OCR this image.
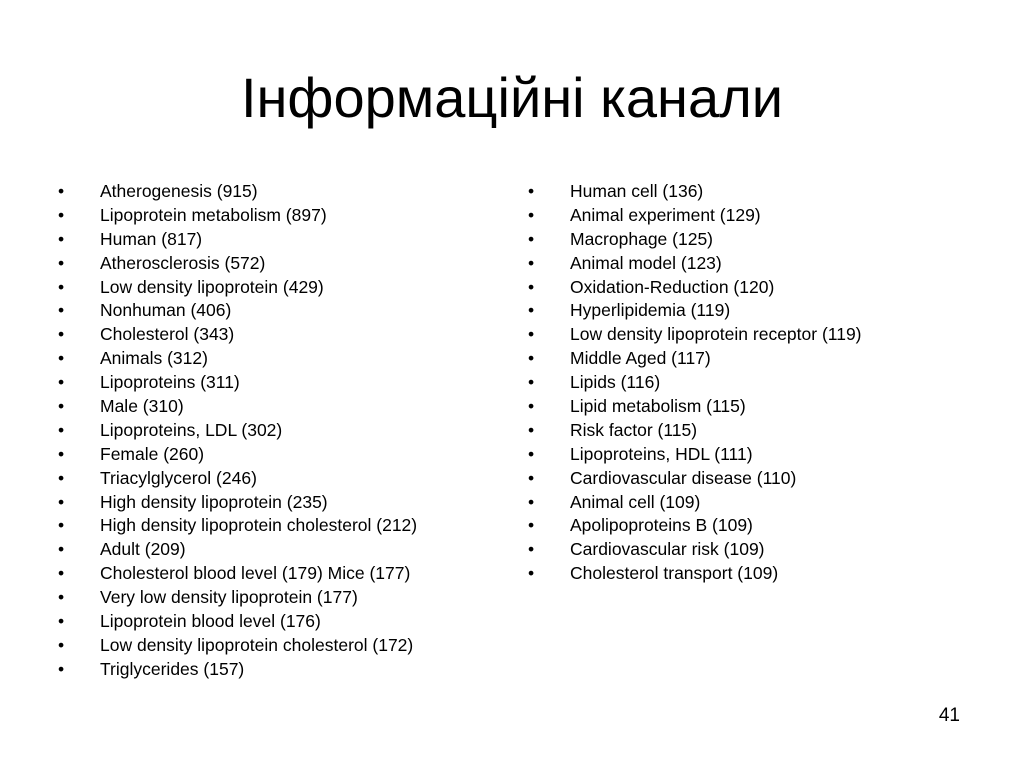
Інформаційні канали
•	Atherogenesis (915)
•	Lipoprotein metabolism (897)
•	Human (817)
•	Atherosclerosis (572)
•	Low density lipoprotein (429)
•	Nonhuman (406)
•	Cholesterol (343)
•	Animals (312)
•	Lipoproteins (311)
•	Male (310)
•	Lipoproteins, LDL (302)
•	Female (260)
•	Triacylglycerol (246)
•	High density lipoprotein (235)
•	High density lipoprotein cholesterol (212)
•	Adult (209)
•	Cholesterol blood level (179) Mice (177)
•	Very low density lipoprotein (177)
•	Lipoprotein blood level (176)
•	Low density lipoprotein cholesterol (172)
•	Triglycerides (157)
•	Human cell (136)
•	Animal experiment (129)
•	Macrophage (125)
•	Animal model (123)
•	Oxidation-Reduction (120)
•	Hyperlipidemia (119)
•	Low density lipoprotein receptor (119)
•	Middle Aged (117)
•	Lipids (116)
•	Lipid metabolism (115)
•	Risk factor (115)
•	Lipoproteins, HDL (111)
•	Cardiovascular disease (110)
•	Animal cell (109)
•	Apolipoproteins B (109)
•	Cardiovascular risk (109)
•	Cholesterol transport (109)
41
